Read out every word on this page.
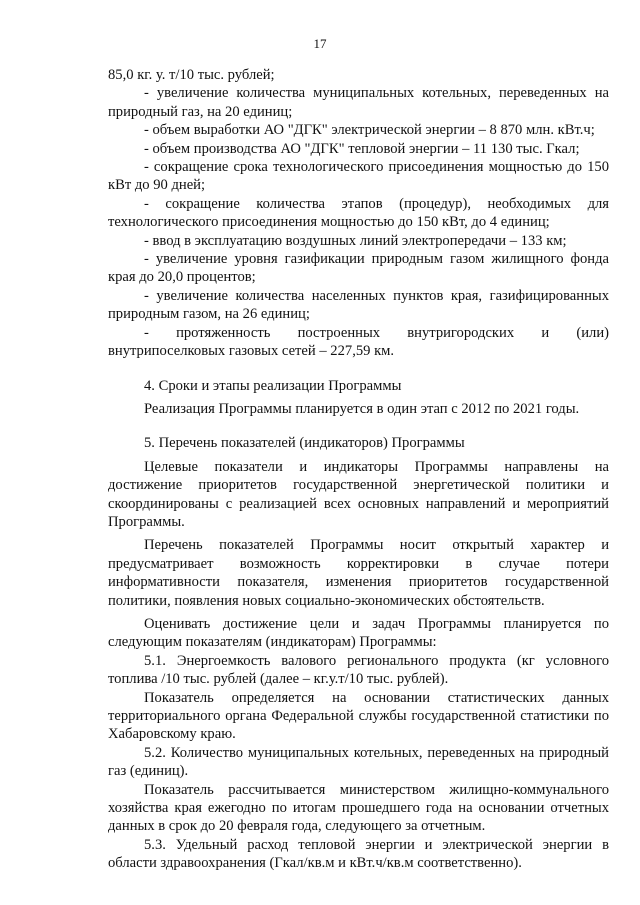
17

85,0 кг. у. т/10 тыс. рублей;

- увеличение количества муниципальных котельных, переведенных на природный газ, на 20 единиц;

- объем выработки АО "ДГК" электрической энергии – 8 870 млн. кВт.ч;

- объем производства АО "ДГК" тепловой энергии – 11 130 тыс. Гкал;

- сокращение срока технологического присоединения мощностью до 150 кВт до 90 дней;

- сокращение количества этапов (процедур), необходимых для технологического присоединения мощностью до 150 кВт, до 4 единиц;

- ввод в эксплуатацию воздушных линий электропередачи – 133 км;

- увеличение уровня газификации природным газом жилищного фонда края до 20,0 процентов;

- увеличение количества населенных пунктов края, газифицированных природным газом, на 26 единиц;

- протяженность построенных внутригородских и (или) внутрипоселковых газовых сетей – 227,59 км.

4. Сроки и этапы реализации Программы

Реализация Программы планируется в один этап с 2012 по 2021 годы.

5. Перечень показателей (индикаторов) Программы

Целевые показатели и индикаторы Программы направлены на достижение приоритетов государственной энергетической политики и скоординированы с реализацией всех основных направлений и мероприятий Программы.

Перечень показателей Программы носит открытый характер и предусматривает возможность корректировки в случае потери информативности показателя, изменения приоритетов государственной политики, появления новых социально-экономических обстоятельств.

Оценивать достижение цели и задач Программы планируется по следующим показателям (индикаторам) Программы:

5.1. Энергоемкость валового регионального продукта (кг условного топлива /10 тыс. рублей (далее – кг.у.т/10 тыс. рублей).

Показатель определяется на основании статистических данных территориального органа Федеральной службы государственной статистики по Хабаровскому краю.

5.2. Количество муниципальных котельных, переведенных на природный газ (единиц).

Показатель рассчитывается министерством жилищно-коммунального хозяйства края ежегодно по итогам прошедшего года на основании отчетных данных в срок до 20 февраля года, следующего за отчетным.

5.3. Удельный расход тепловой энергии и электрической энергии в области здравоохранения (Гкал/кв.м и кВт.ч/кв.м соответственно).
